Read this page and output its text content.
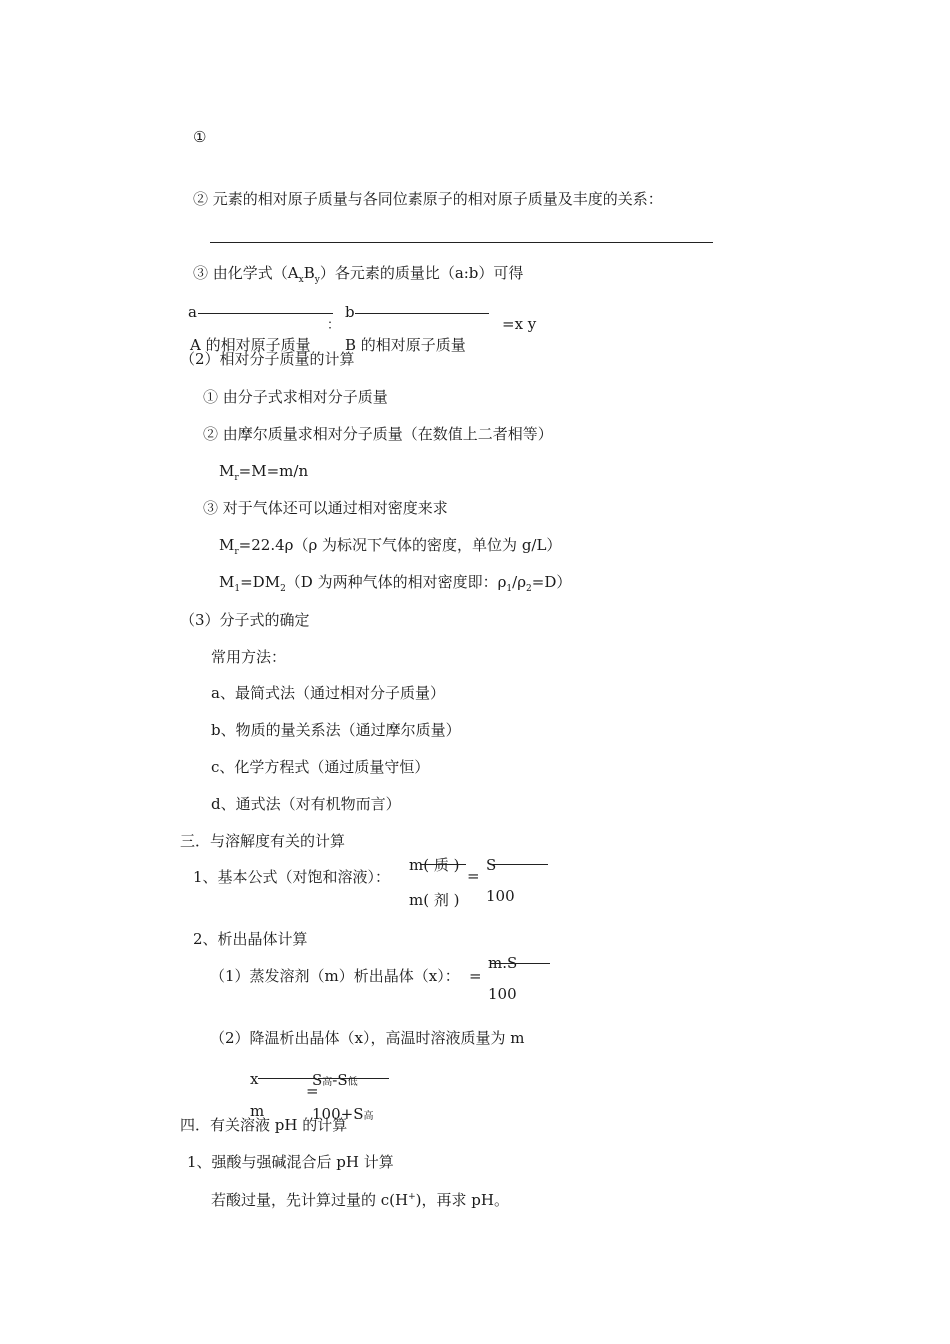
①
② 元素的相对原子质量与各同位素原子的相对原子质量及丰度的关系：
③ 由化学式$(A_xB_y)$各元素的质量比（a:b）可得
a
A 的相对原子质量
：
b
B 的相对原子质量
=x y
（2）相对分子质量的计算
① 由分子式求相对分子质量
② 由摩尔质量求相对分子质量（在数值上二者相等）
$M_r=M=m/n$
③ 对于气体还可以通过相对密度来求
$M_r=22.4\rho(\rho$ 为标况下气体的密度，单位为 g/L）
$M_1=DM_2(D$ 为两种气体的相对密度即：$\rho_1/\rho_2=D$）
（3）分子式的确定
常用方法：
a、最简式法（通过相对分子质量）
b、物质的量关系法（通过摩尔质量）
c、化学方程式（通过质量守恒）
d、通式法（对有机物而言）
三．与溶解度有关的计算
1、基本公式（对饱和溶液）：
m( 质 )
m( 剂 )
=
S
100
2、析出晶体计算
（1）蒸发溶剂（m）析出晶体（x）： =
m.S
100
（2）降温析出晶体（x），高温时溶液质量为 m
x
m
=
S高-S低
100+S高
四．有关溶液 pH 的计算
1、强酸与强碱混合后 pH 计算
若酸过量，先计算过量的 c(H+)，再求 pH。
